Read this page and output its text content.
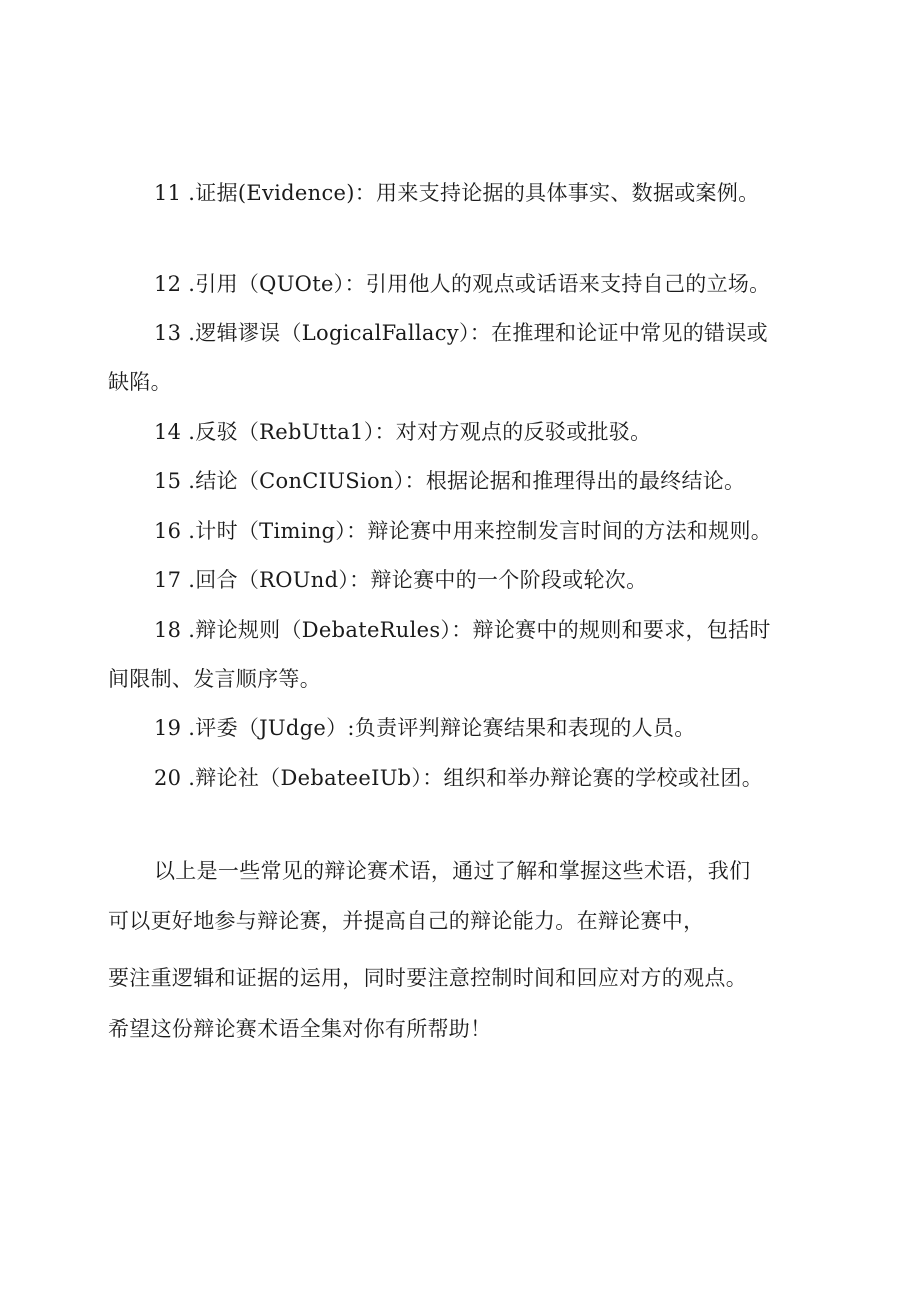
11 .证据(Evidence)：用来支持论据的具体事实、数据或案例。
12 .引用（QUOte）：引用他人的观点或话语来支持自己的立场。
13 .逻辑谬误（LogicalFallacy）：在推理和论证中常见的错误或
缺陷。
14 .反驳（RebUtta1）：对对方观点的反驳或批驳。
15 .结论（ConCIUSion）：根据论据和推理得出的最终结论。
16 .计时（Timing）：辩论赛中用来控制发言时间的方法和规则。
17 .回合（ROUnd）：辩论赛中的一个阶段或轮次。
18 .辩论规则（DebateRules）：辩论赛中的规则和要求，包括时
间限制、发言顺序等。
19 .评委（JUdge）:负责评判辩论赛结果和表现的人员。
20 .辩论社（DebateeIUb）：组织和举办辩论赛的学校或社团。
以上是一些常见的辩论赛术语，通过了解和掌握这些术语，我们
可以更好地参与辩论赛，并提高自己的辩论能力。在辩论赛中，
要注重逻辑和证据的运用，同时要注意控制时间和回应对方的观点。
希望这份辩论赛术语全集对你有所帮助！
